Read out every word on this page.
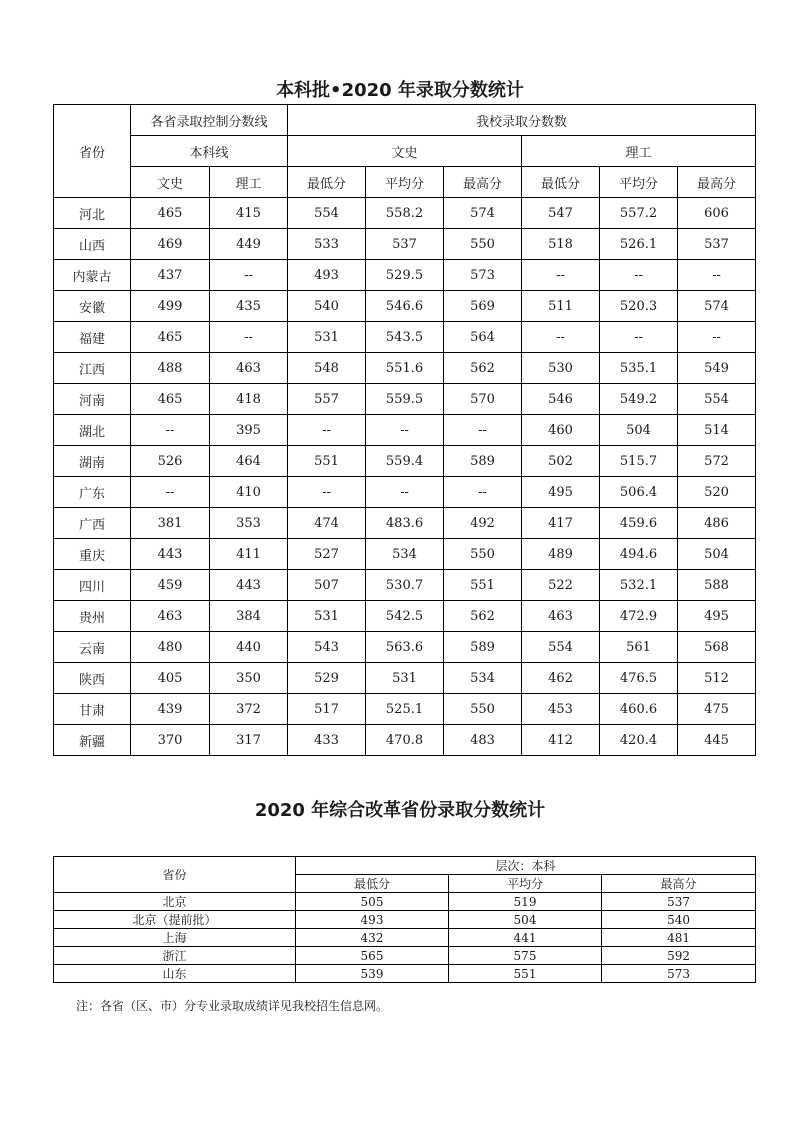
本科批•2020 年录取分数统计
省份	各省录取控制分数线		我校录取分数数					
	本科线		文史			理工		
	文史	理工	最低分	平均分	最高分	最低分	平均分	最高分
河北	465	415	554	558.2	574	547	557.2	606
山西	469	449	533	537	550	518	526.1	537
内蒙古	437	--	493	529.5	573	--	--	--
安徽	499	435	540	546.6	569	511	520.3	574
福建	465	--	531	543.5	564	--	--	--
江西	488	463	548	551.6	562	530	535.1	549
河南	465	418	557	559.5	570	546	549.2	554
湖北	--	395	--	--	--	460	504	514
湖南	526	464	551	559.4	589	502	515.7	572
广东	--	410	--	--	--	495	506.4	520
广西	381	353	474	483.6	492	417	459.6	486
重庆	443	411	527	534	550	489	494.6	504
四川	459	443	507	530.7	551	522	532.1	588
贵州	463	384	531	542.5	562	463	472.9	495
云南	480	440	543	563.6	589	554	561	568
陕西	405	350	529	531	534	462	476.5	512
甘肃	439	372	517	525.1	550	453	460.6	475
新疆	370	317	433	470.8	483	412	420.4	445
2020 年综合改革省份录取分数统计
省份	层次：本科		
	最低分	平均分	最高分
北京	505	519	537
北京（提前批）	493	504	540
上海	432	441	481
浙江	565	575	592
山东	539	551	573
注：各省（区、市）分专业录取成绩详见我校招生信息网。
